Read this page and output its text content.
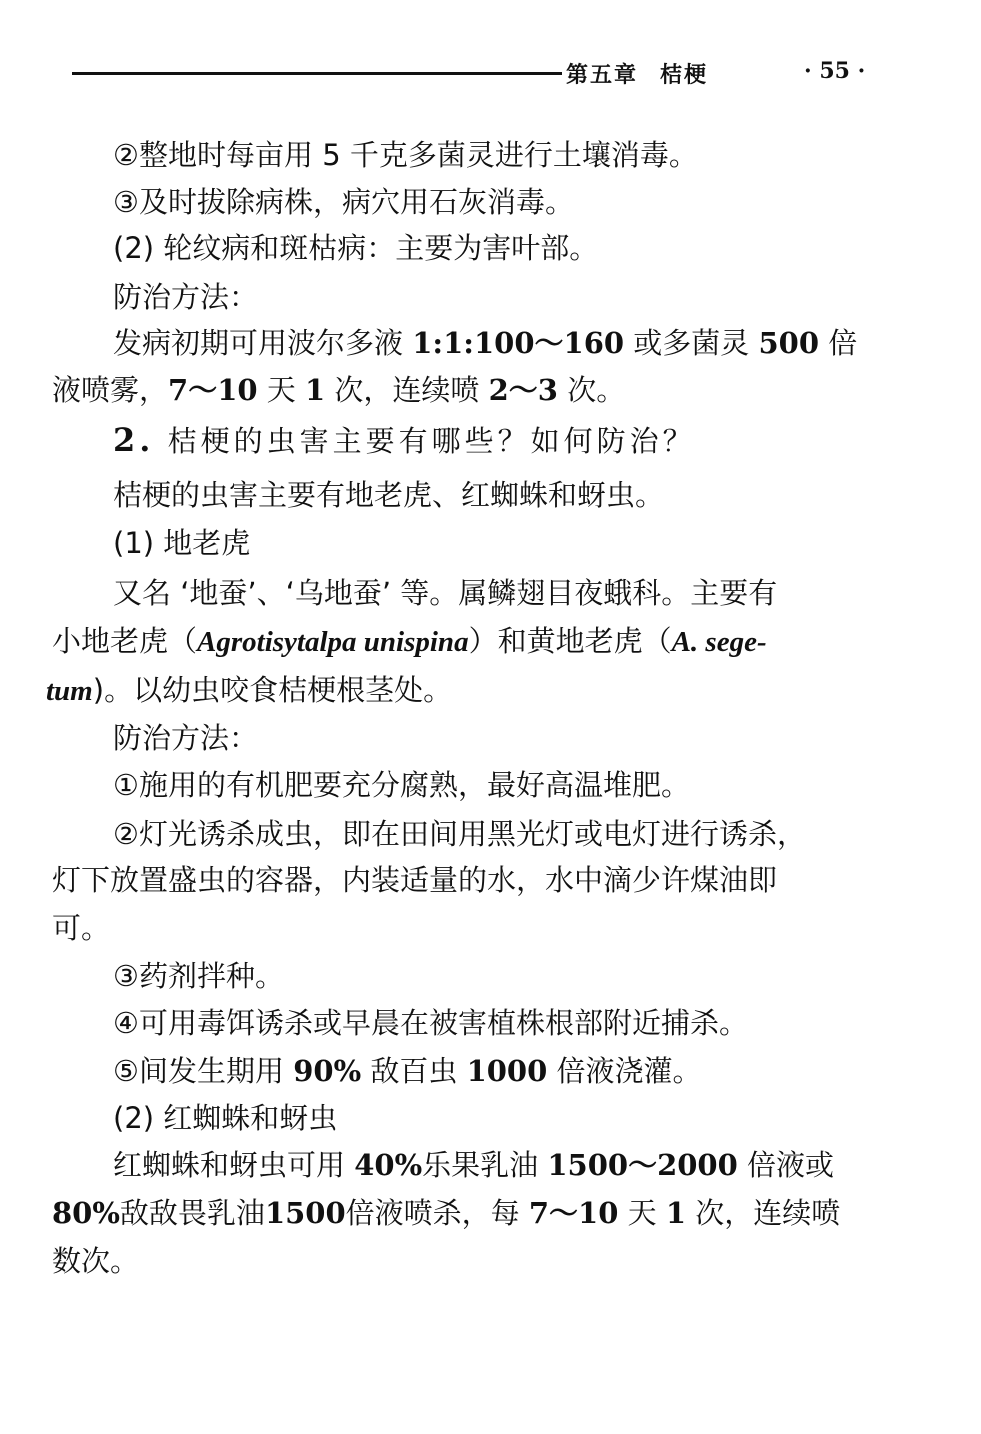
第五章 桔梗	· 55 ·
②整地时每亩用 5 千克多菌灵进行土壤消毒。
③及时拔除病株，病穴用石灰消毒。
(2) 轮纹病和斑枯病：主要为害叶部。
防治方法：
发病初期可用波尔多液 1:1:100～160 或多菌灵 500 倍
液喷雾，7～10 天 1 次，连续喷 2～3 次。
2. 桔梗的虫害主要有哪些？如何防治？
桔梗的虫害主要有地老虎、红蜘蛛和蚜虫。
(1) 地老虎
又名 ‘地蚕’、‘乌地蚕’ 等。属鳞翅目夜蛾科。主要有
小地老虎（Agrotisytalpa unispina）和黄地老虎（A. sege-
tum)。以幼虫咬食桔梗根茎处。
防治方法：
①施用的有机肥要充分腐熟，最好高温堆肥。
②灯光诱杀成虫，即在田间用黑光灯或电灯进行诱杀，
灯下放置盛虫的容器，内装适量的水，水中滴少许煤油即
可。
③药剂拌种。
④可用毒饵诱杀或早晨在被害植株根部附近捕杀。
⑤间发生期用 90% 敌百虫 1000 倍液浇灌。
(2) 红蜘蛛和蚜虫
红蜘蛛和蚜虫可用 40%乐果乳油 1500～2000 倍液或
80%敌敌畏乳油1500倍液喷杀，每 7～10 天 1 次，连续喷
数次。
